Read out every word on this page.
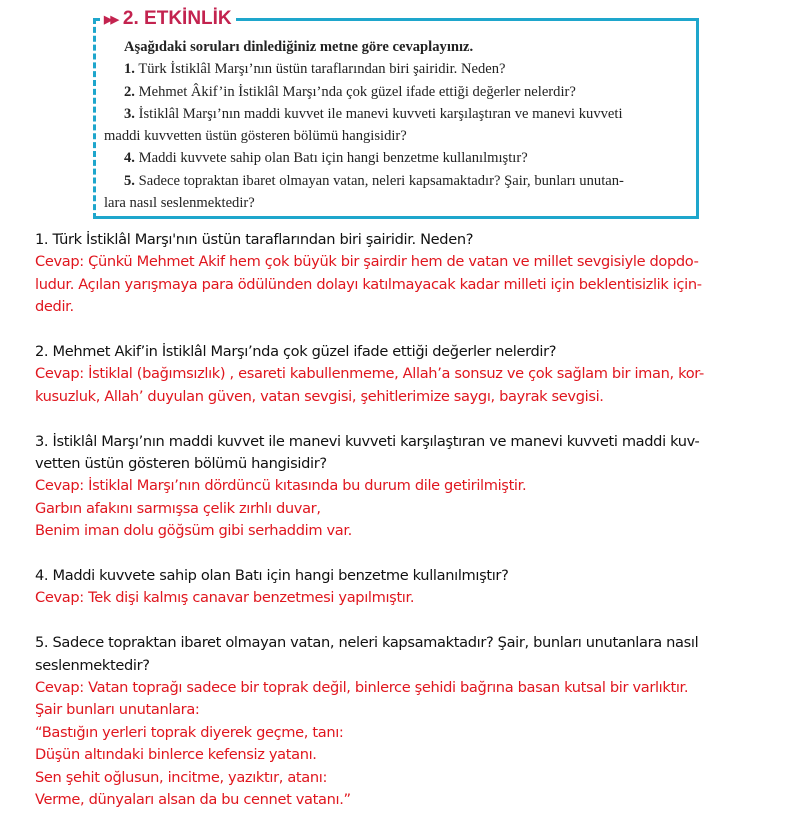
▶▶ 2. ETKİNLİK
Aşağıdaki soruları dinlediğiniz metne göre cevaplayınız.
1. Türk İstiklâl Marşı’nın üstün taraflarından biri şairidir. Neden?
2. Mehmet Âkif’in İstiklâl Marşı’nda çok güzel ifade ettiği değerler nelerdir?
3. İstiklâl Marşı’nın maddi kuvvet ile manevi kuvveti karşılaştıran ve manevi kuvveti
maddi kuvvetten üstün gösteren bölümü hangisidir?
4. Maddi kuvvete sahip olan Batı için hangi benzetme kullanılmıştır?
5. Sadece topraktan ibaret olmayan vatan, neleri kapsamaktadır? Şair, bunları unutan-
lara nasıl seslenmektedir?
1. Türk İstiklâl Marşı'nın üstün taraflarından biri şairidir. Neden?
Cevap: Çünkü Mehmet Akif hem çok büyük bir şairdir hem de vatan ve millet sevgisiyle dopdo-
ludur. Açılan yarışmaya para ödülünden dolayı katılmayacak kadar milleti için beklentisizlik için-
dedir.
2. Mehmet Akif’in İstiklâl Marşı’nda çok güzel ifade ettiği değerler nelerdir?
Cevap: İstiklal (bağımsızlık) , esareti kabullenmeme, Allah’a sonsuz ve çok sağlam bir iman, kor-
kusuzluk, Allah’ duyulan güven, vatan sevgisi, şehitlerimize saygı, bayrak sevgisi.
3. İstiklâl Marşı’nın maddi kuvvet ile manevi kuvveti karşılaştıran ve manevi kuvveti maddi kuv-
vetten üstün gösteren bölümü hangisidir?
Cevap: İstiklal Marşı’nın dördüncü kıtasında bu durum dile getirilmiştir.
Garbın afakını sarmışsa çelik zırhlı duvar,
Benim iman dolu göğsüm gibi serhaddim var.
4. Maddi kuvvete sahip olan Batı için hangi benzetme kullanılmıştır?
Cevap: Tek dişi kalmış canavar benzetmesi yapılmıştır.
5. Sadece topraktan ibaret olmayan vatan, neleri kapsamaktadır? Şair, bunları unutanlara nasıl
seslenmektedir?
Cevap: Vatan toprağı sadece bir toprak değil, binlerce şehidi bağrına basan kutsal bir varlıktır.
Şair bunları unutanlara:
“Bastığın yerleri toprak diyerek geçme, tanı:
Düşün altındaki binlerce kefensiz yatanı.
Sen şehit oğlusun, incitme, yazıktır, atanı:
Verme, dünyaları alsan da bu cennet vatanı.”
